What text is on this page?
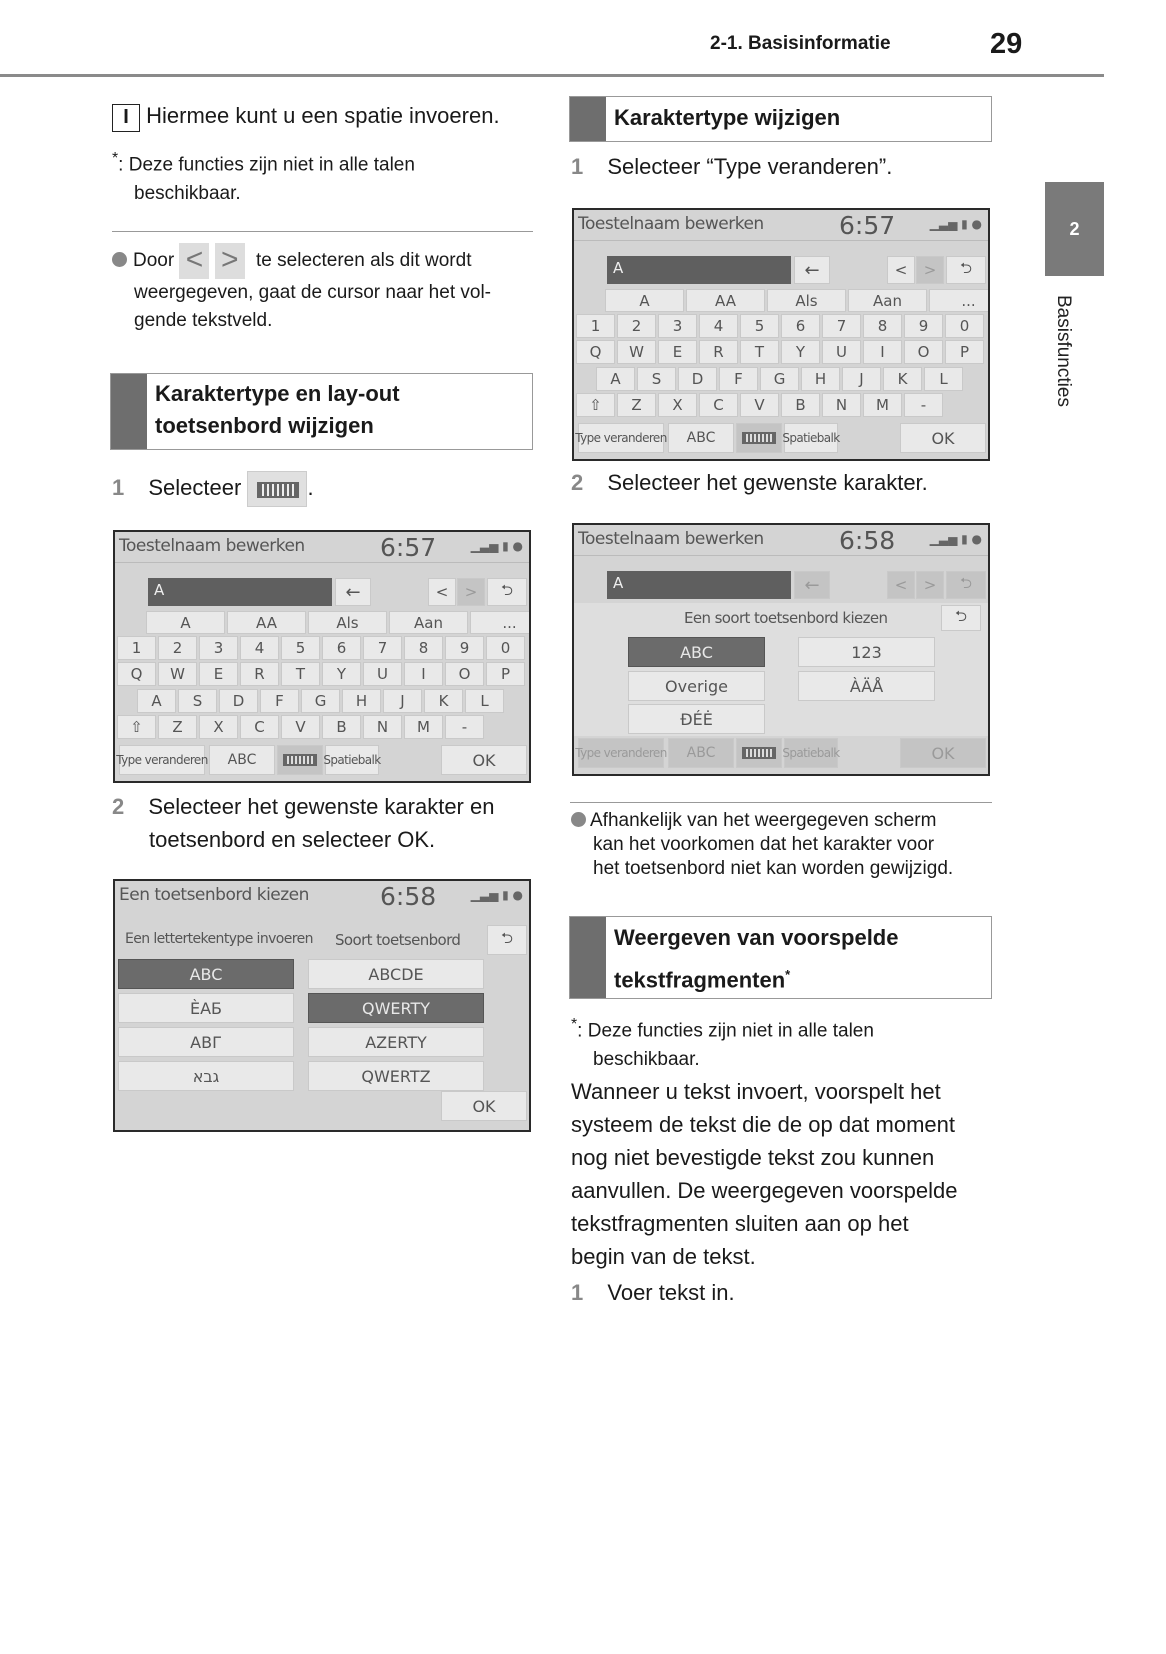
2-1. Basisinformatie	29
2
Basisfuncties
I Hiermee kunt u een spatie invoeren.
*: Deze functies zijn niet in alle talen
beschikbaar.
Door < > te selecteren als dit wordt
weergegeven, gaat de cursor naar het vol-
gende tekstveld.
Karaktertype en lay-out
toetsenbord wijzigen
1 Selecteer	.
Toestelnaam bewerken	6:57	▁▃▅ ▮ ●
A	←	<	>	⮌
A	AA	Als	Aan	...
1	2	3	4	5	6	7	8	9	0
Q	W	E	R	T	Y	U	I	O	P
A	S	D	F	G	H	J	K	L
⇧	Z	X	C	V	B	N	M	-
Type veranderen	ABC	Spatiebalk	OK
2 Selecteer het gewenste karakter en
toetsenbord en selecteer OK.
Een toetsenbord kiezen	6:58	▁▃▅ ▮ ●
Een lettertekentype invoeren Soort toetsenbord	⮌
OK
ABC
ÈAБ
ABГ
גבא
ABCDE
QWERTY
AZERTY
QWERTZ
Karaktertype wijzigen
1 Selecteer “Type veranderen”.
Toestelnaam bewerken	6:57	▁▃▅ ▮ ●
A	←	<	>	⮌
A	AA	Als	Aan	...
1	2	3	4	5	6	7	8	9	0
Q	W	E	R	T	Y	U	I	O	P
A	S	D	F	G	H	J	K	L
⇧	Z	X	C	V	B	N	M	-
Type veranderen	ABC	Spatiebalk	OK
2 Selecteer het gewenste karakter.
Toestelnaam bewerken	6:58	▁▃▅ ▮ ●
A	←	<	>	⮌
Een soort toetsenbord kiezen	⮌
ABC	123
Overige	ÀÄÅ
ĐÉĖ
Type veranderen	ABC	Spatiebalk	OK
Afhankelijk van het weergegeven scherm
kan het voorkomen dat het karakter voor
het toetsenbord niet kan worden gewijzigd.
Weergeven van voorspelde
tekstfragmenten*
*: Deze functies zijn niet in alle talen
beschikbaar.
Wanneer u tekst invoert, voorspelt het
systeem de tekst die de op dat moment
nog niet bevestigde tekst zou kunnen
aanvullen. De weergegeven voorspelde
tekstfragmenten sluiten aan op het
begin van de tekst.
1 Voer tekst in.
